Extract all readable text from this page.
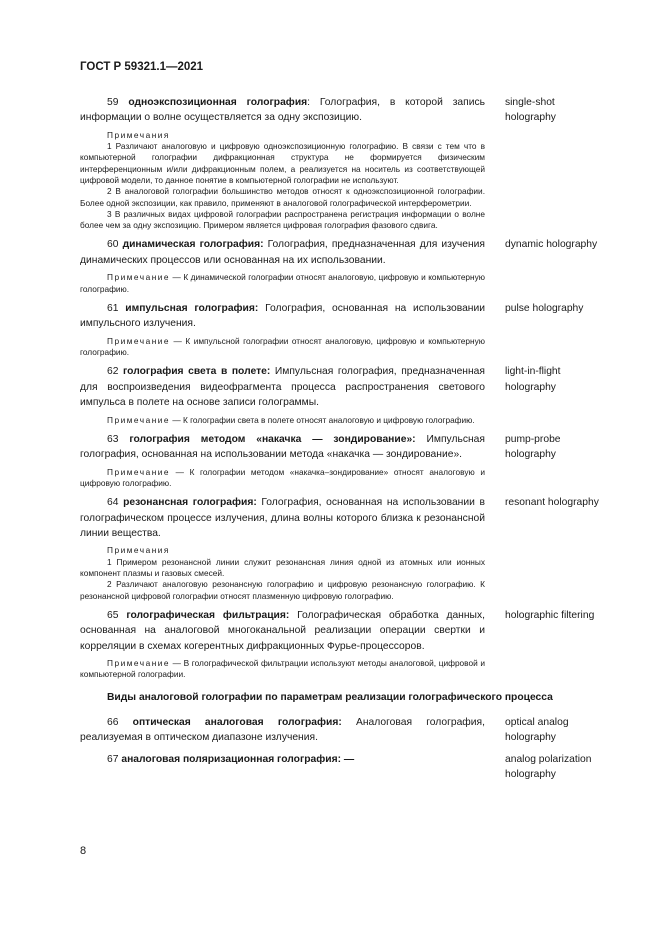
ГОСТ Р 59321.1—2021
59 одноэкспозиционная голография: Голография, в которой запись информации о волне осуществляется за одну экспозицию.
single-shot holography

Примечания

1 Различают аналоговую и цифровую одноэкспозиционную голографию. В связи с тем что в компьютерной голографии дифракционная структура не формируется физическим интерференционным и/или дифракционным полем, а реализуется на носитель из соответствующей цифровой модели, то данное понятие в компьютерной голографии не используют.

2 В аналоговой голографии большинство методов относят к одноэкспозиционной голографии. Более одной экспозиции, как правило, применяют в аналоговой голографической интерферометрии.

3 В различных видах цифровой голографии распространена регистрация информации о волне более чем за одну экспозицию. Примером является цифровая голография фазового сдвига.

60 динамическая голография: Голография, предназначенная для изучения динамических процессов или основанная на их использовании.
dynamic holography

Примечание — К динамической голографии относят аналоговую, цифровую и компьютерную голографию.

61 импульсная голография: Голография, основанная на использовании импульсного излучения.
pulse holography

Примечание — К импульсной голографии относят аналоговую, цифровую и компьютерную голографию.

62 голография света в полете: Импульсная голография, предназначенная для воспроизведения видеофрагмента процесса распространения светового импульса в полете на основе записи голограммы.
light-in-flight holography

Примечание — К голографии света в полете относят аналоговую и цифровую голографию.

63 голография методом «накачка — зондирование»: Импульсная голография, основанная на использовании метода «накачка — зондирование».
pump-probe holography

Примечание — К голографии методом «накачка–зондирование» относят аналоговую и цифровую голографию.

64 резонансная голография: Голография, основанная на использовании в голографическом процессе излучения, длина волны которого близка к резонансной линии вещества.
resonant holography

Примечания

1 Примером резонансной линии служит резонансная линия одной из атомных или ионных компонент плазмы и газовых смесей.

2 Различают аналоговую резонансную голографию и цифровую резонансную голографию. К резонансной цифровой голографии относят плазменную цифровую голографию.

65 голографическая фильтрация: Голографическая обработка данных, основанная на аналоговой многоканальной реализации операции свертки и корреляции в схемах когерентных дифракционных Фурье-процессоров.
holographic filtering

Примечание — В голографической фильтрации используют методы аналоговой, цифровой и компьютерной голографии.

Виды аналоговой голографии по параметрам реализации голографического процесса
66 оптическая аналоговая голография: Аналоговая голография, реализуемая в оптическом диапазоне излучения.
optical analog holography
67 аналоговая поляризационная голография: —	analog polarization holography
8
